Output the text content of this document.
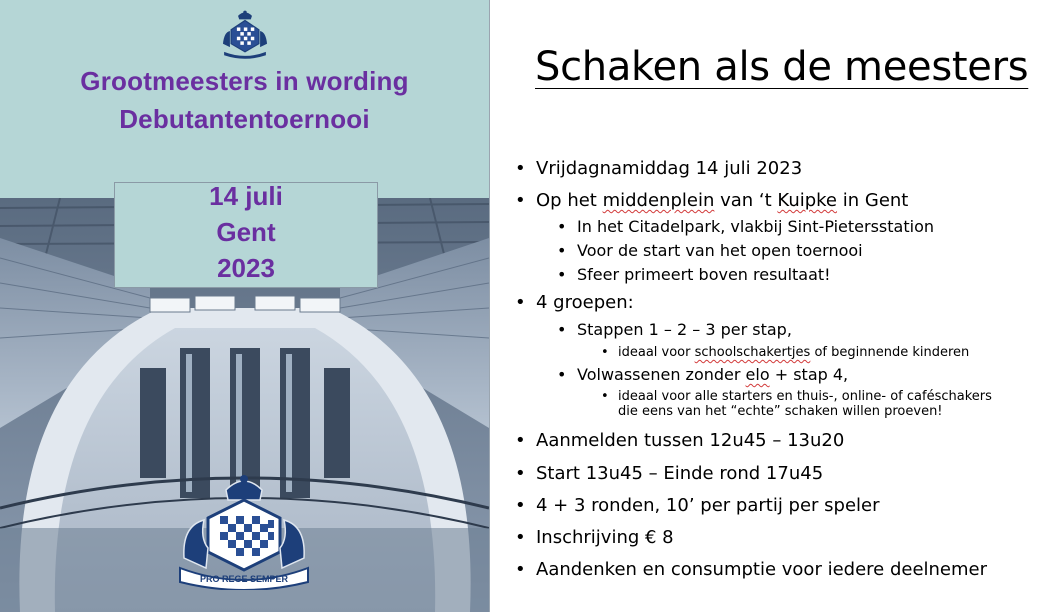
Grootmeesters in wording
Debutantentoernooi
14 juli
Gent
2023
PRO REGE SEMPER
Schaken als de meesters
• Vrijdagnamiddag 14 juli 2023
• Op het middenplein van ‘t Kuipke in Gent
• In het Citadelpark, vlakbij Sint-Pietersstation
• Voor de start van het open toernooi
• Sfeer primeert boven resultaat!
• 4 groepen:
• Stappen 1 – 2 – 3 per stap,
• ideaal voor schoolschakertjes of beginnende kinderen
• Volwassenen zonder elo + stap 4,
• ideaal voor alle starters en thuis-, online- of caféschakers
die eens van het “echte” schaken willen proeven!
• Aanmelden tussen 12u45 – 13u20
• Start 13u45 – Einde rond 17u45
• 4 + 3 ronden, 10’ per partij per speler
• Inschrijving € 8
• Aandenken en consumptie voor iedere deelnemer
